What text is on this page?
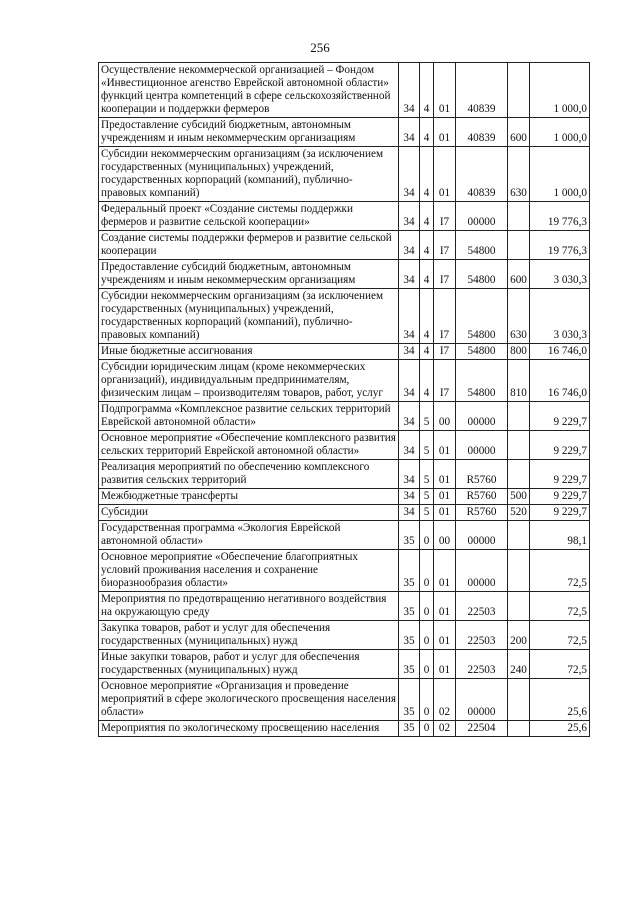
256
Осуществление некоммерческой организацией – Фондом «Инвестиционное агенство Еврейской автономной области» функций центра компетенций в сфере сельскохозяйственной кооперации и поддержки фермеров	34	4	01	40839		1 000,0
Предоставление субсидий бюджетным, автономным учреждениям и иным некоммерческим организациям	34	4	01	40839	600	1 000,0
Субсидии некоммерческим организациям (за исключением государственных (муниципальных) учреждений, государственных корпораций (компаний), публично-правовых компаний)	34	4	01	40839	630	1 000,0
Федеральный проект «Создание системы поддержки фермеров и развитие сельской кооперации»	34	4	I7	00000		19 776,3
Создание системы поддержки фермеров и развитие сельской кооперации	34	4	I7	54800		19 776,3
Предоставление субсидий бюджетным, автономным учреждениям и иным некоммерческим организациям	34	4	I7	54800	600	3 030,3
Субсидии некоммерческим организациям (за исключением государственных (муниципальных) учреждений, государственных корпораций (компаний), публично-правовых компаний)	34	4	I7	54800	630	3 030,3
Иные бюджетные ассигнования	34	4	I7	54800	800	16 746,0
Субсидии юридическим лицам (кроме некоммерческих организаций), индивидуальным предпринимателям, физическим лицам – производителям товаров, работ, услуг	34	4	I7	54800	810	16 746,0
Подпрограмма «Комплексное развитие сельских территорий Еврейской автономной области»	34	5	00	00000		9 229,7
Основное мероприятие «Обеспечение комплексного развития сельских территорий Еврейской автономной области»	34	5	01	00000		9 229,7
Реализация мероприятий по обеспечению комплексного развития сельских территорий	34	5	01	R5760		9 229,7
Межбюджетные трансферты	34	5	01	R5760	500	9 229,7
Субсидии	34	5	01	R5760	520	9 229,7
Государственная программа «Экология Еврейской автономной области»	35	0	00	00000		98,1
Основное мероприятие «Обеспечение благоприятных условий проживания населения и сохранение биоразнообразия области»	35	0	01	00000		72,5
Мероприятия по предотвращению негативного воздействия на окружающую среду	35	0	01	22503		72,5
Закупка товаров, работ и услуг для обеспечения государственных (муниципальных) нужд	35	0	01	22503	200	72,5
Иные закупки товаров, работ и услуг для обеспечения государственных (муниципальных) нужд	35	0	01	22503	240	72,5
Основное мероприятие «Организация и проведение мероприятий в сфере экологического просвещения населения области»	35	0	02	00000		25,6
Мероприятия по экологическому просвещению населения	35	0	02	22504		25,6
